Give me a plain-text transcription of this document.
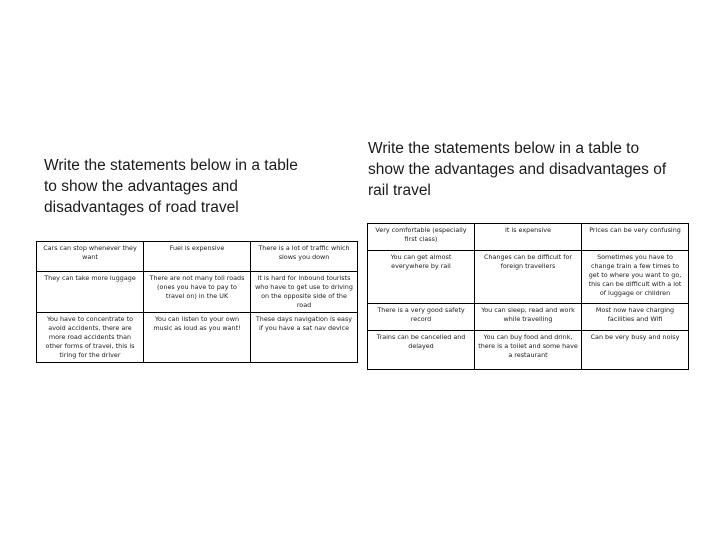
Write the statements below in a table to show the advantages and disadvantages of road travel
Cars can stop whenever they want	Fuel is expensive	There is a lot of traffic which slows you down
They can take more luggage	There are not many toll roads (ones you have to pay to travel on) in the UK	It is hard for inbound tourists who have to get use to driving on the opposite side of the road
You have to concentrate to avoid accidents, there are more road accidents than other forms of travel, this is tiring for the driver	You can listen to your own music as loud as you want!	These days navigation is easy if you have a sat nav device
Write the statements below in a table to show the advantages and disadvantages of rail travel
Very comfortable (especially first class)	It is expensive	Prices can be very confusing
You can get almost everywhere by rail	Changes can be difficult for foreign travellers	Sometimes you have to change train a few times to get to where you want to go, this can be difficult with a lot of luggage or children
There is a very good safety record	You can sleep, read and work while travelling	Most now have charging facilities and Wifi
Trains can be cancelled and delayed	You can buy food and drink, there is a toilet and some have a restaurant	Can be very busy and noisy
